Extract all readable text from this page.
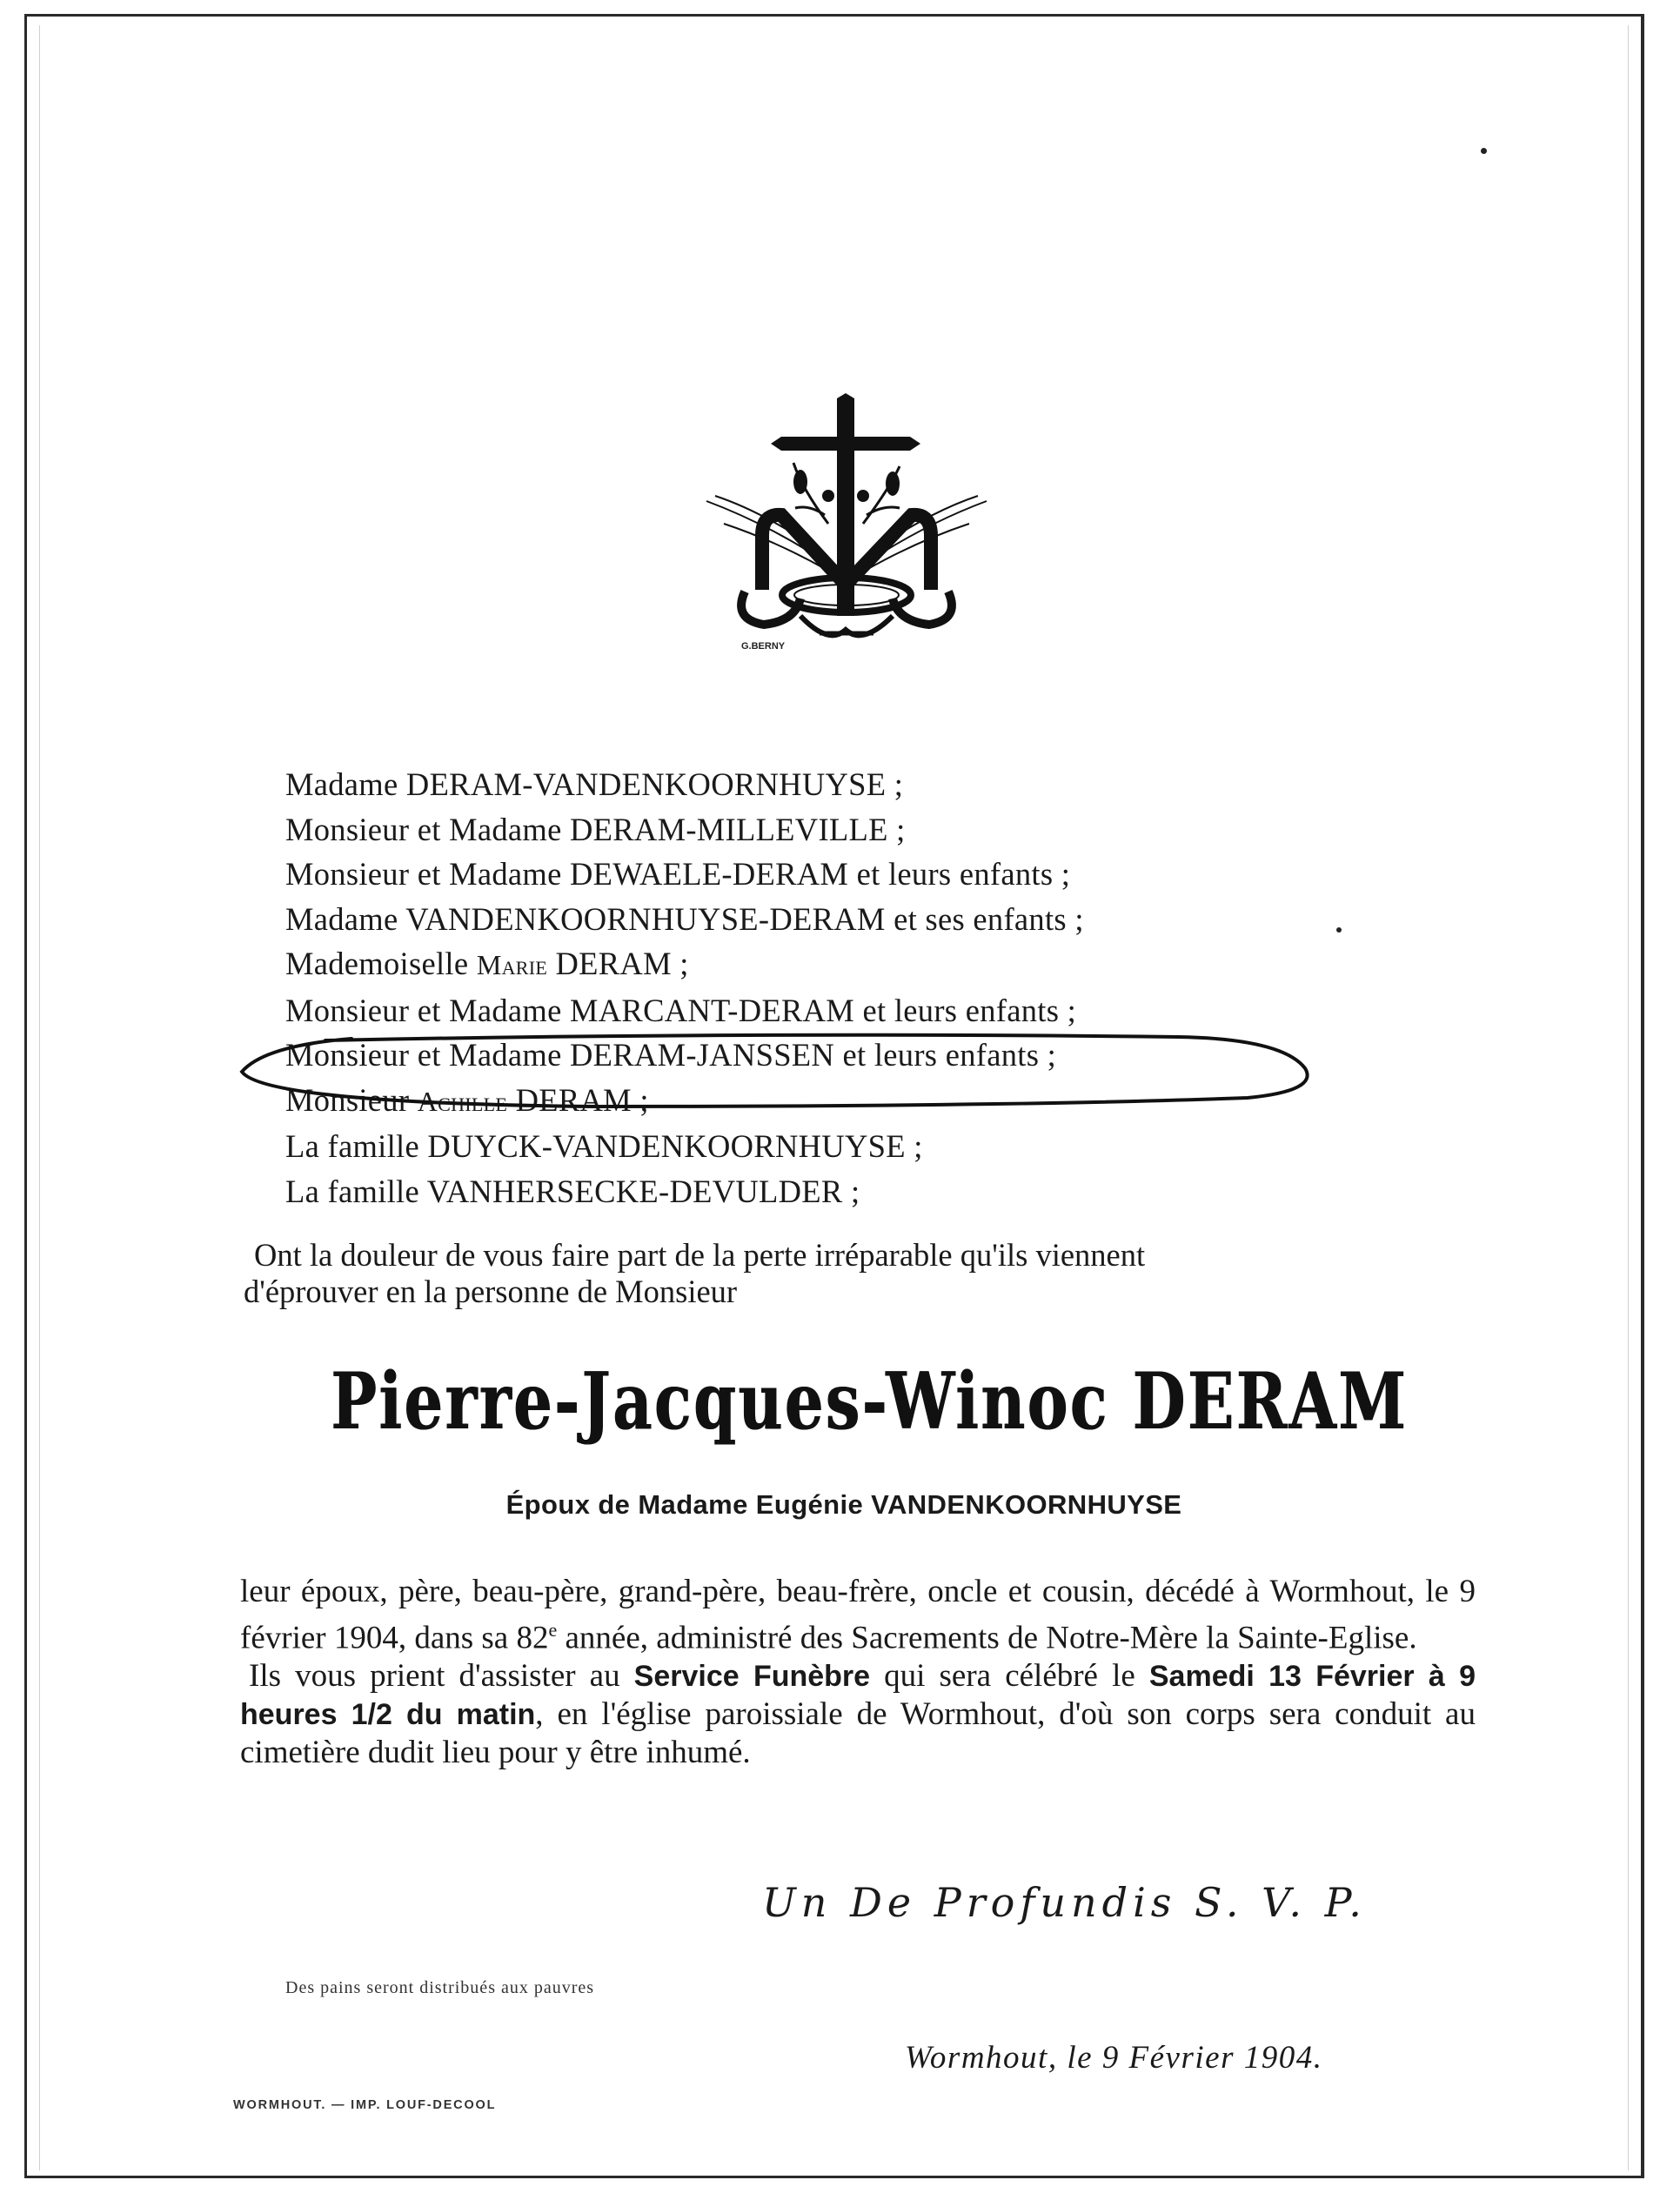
G.BERNY
Madame DERAM-VANDENKOORNHUYSE ;
Monsieur et Madame DERAM-MILLEVILLE ;
Monsieur et Madame DEWAELE-DERAM et leurs enfants ;
Madame VANDENKOORNHUYSE-DERAM et ses enfants ;
Mademoiselle Marie DERAM ;
Monsieur et Madame MARCANT-DERAM et leurs enfants ;
Monsieur et Madame DERAM-JANSSEN et leurs enfants ;
Monsieur Achille DERAM ;
La famille DUYCK-VANDENKOORNHUYSE ;
La famille VANHERSECKE-DEVULDER ;
Ont la douleur de vous faire part de la perte irréparable qu'ils viennent
d'éprouver en la personne de Monsieur
Pierre-Jacques-Winoc DERAM
Époux de Madame Eugénie VANDENKOORNHUYSE

leur époux, père, beau-père, grand-père, beau-frère, oncle et cousin, décédé à Wormhout, le 9 février 1904, dans sa 82e année, administré des Sacrements de Notre-Mère la Sainte-Eglise.

Ils vous prient d'assister au Service Funèbre qui sera célébré le Samedi 13 Février à 9 heures 1/2 du matin, en l'église paroissiale de Wormhout, d'où son corps sera conduit au cimetière dudit lieu pour y être inhumé.

Un De Profundis S. V. P.
Des pains seront distribués aux pauvres
Wormhout, le 9 Février 1904.
WORMHOUT. — IMP. LOUF-DECOOL
